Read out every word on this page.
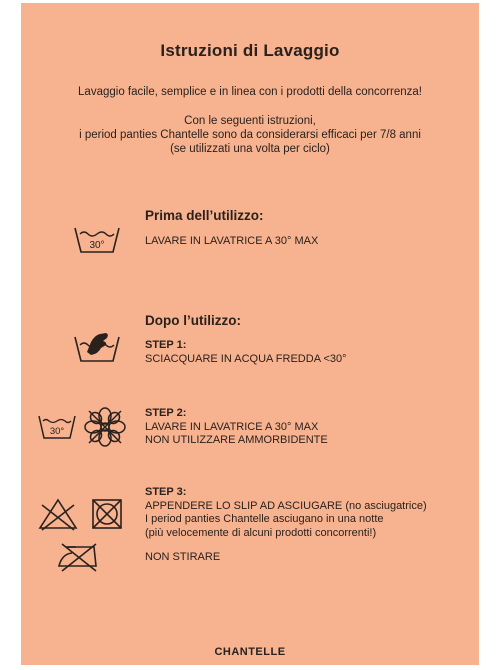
Istruzioni di Lavaggio
Lavaggio facile, semplice e in linea con i prodotti della concorrenza!
Con le seguenti istruzioni,
i period panties Chantelle sono da considerarsi efficaci per 7/8 anni
(se utilizzati una volta per ciclo)
Prima dell’utilizzo:
30°	LAVARE IN LAVATRICE A 30° MAX
Dopo l’utilizzo:
STEP 1:
SCIACQUARE IN ACQUA FREDDA <30°
30°
STEP 2:
LAVARE IN LAVATRICE A 30° MAX
NON UTILIZZARE AMMORBIDENTE
STEP 3:
APPENDERE LO SLIP AD ASCIUGARE (no asciugatrice)
I period panties Chantelle asciugano in una notte
(più velocemente di alcuni prodotti concorrenti!)
NON STIRARE
CHANTELLE
